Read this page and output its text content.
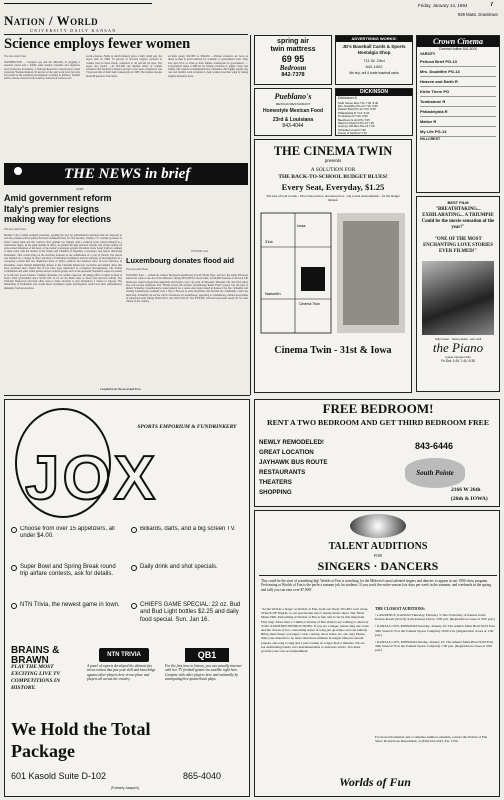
Nation / World
UNIVERSITY DAILY KANSAN
Friday, January 14, 1994	7
Science employs fewer women
The Associated Press
WASHINGTON — Unequal pay and the difficulty of juggling a research career and a family push women scientists and engineers away from jobs in industry, a National Research Council report stated yesterday. Women make up 45 percent of the total work force but only 22 percent of the scientists and engineers working in industry. Women tend to choose careers in life sciences, behavioral sciences and
social sciences. Fields in which industry plays a fairly small part, the report said. In 1989, 70 percent of doctoral degrees awarded to women were in those fields, compared to 46 percent for men. The report also found: —At $51,900, the median salary of women scientists with bachelor's degrees and up to four years' experience was 74 percent that of their male counterparts in 1989. The median income made 88 percent of the medi-
an male salary, $52,000 vs. $59,000. —Female scientists are twice as likely as men to leave industry for academic or government work. They also quit twice as often as their female counterparts in government. —Corporations make it difficult for female scientists to juggle career and family. The council recommended that companies offer higher quality day care and flexible work schedules to help women lose their edge by taking lengthy maternity leave.
THE NEWS in brief
ROME
Amid government reform Italy's premier resigns making way for elections
The Associated Press
Premier Carlo Ciampi resigned yesterday, opening the way for parliamentary elections that are expected to oust the scandal-scarred parties that have dominated Italy for five decades. Ciampi, 73, a former governor of Italy's central bank and the country's first premier not aligned with a political party, turned himself in a transitional figure. In his eight months in office, he pushed through electoral reforms and started selling off state-owned industries at the heart of the nation's patronage system. President Oscar Luigi Scalfaro planned to meet today with the leaders of the Senate and Chamber of Deputies, a necessary step before dissolving Parliament. That would bring on the elections foreseen as the culmination of a year of reform. The period was marked by a change in direct elections of individual lawmakers and the reducing of investigations in a corruption scandal that has implicated most of Italy's political and business elite. In local elections in December, voters handed humiliating defeats to the Christian Democrats, Socialists and smaller allies that have governed since World War II but have been implicated in corruption investigations. The former Communists and other leftist parties and pro-reform groups such as the separatist Northern League are poised to be the new power brokers. Ciampi's departure was widely expected. On taking office in April as head of Italy's 52nd government since World War II, he set his main tasks as fiscal and electoral reform. The Christian Democrats and their allies want to delay elections to give themselves a chance to regroup. The disbanding of Parliament also would mean lawmakers under investigation would lose their parliamentary immunity from prosecution.
ELWOOD, Kan.
Luxembourg donates flood aid
The Associated Press
ELWOOD, Kan. — American soldiers liberated Luxembourg in both World Wars, and now the small European nation has come to the aid of the Midwest, raising $370,000 for flood relief. A $10,000 donation to Elwood will mean new school playground equipment and maybe a new city park. In Missouri, Missouri City and West Alton also will receive donations. The "Hands Across the Atlantic Luxembourg Relief Fund" project was the idea of Robert Schaeffer, Luxembourg's consul general for a seven-state region based in Kansas City, Mo. Schaeffer and visiting Luxembourg residents took a trip to Elwood in early December and decided the community could use their help. Schaeffer put out the call for donations in Luxembourg, appealing to Luxembourg cultural association of Americans help during World War I and World War II. The $370,000 collected represents nearly $1 for each citizen of the country.
Compiled from The Associated Press.
spring air
twin mattress
69 95
Bedroom
842-7378
ADVERTISING WORKS!
JD's Baseball Cards & Sports Nostalgia Shop
711 W. 23rd
842-1002
We buy, sell & trade baseball cards
Pueblano's
MEXICAN RESTAURANT
Homestyle Mexican Food
23rd & Louisiana
843-4044
DICKINSON
Dickinson 6
Sixth Sense Mon-Thu 7:30, 9:40
Mrs. Doubtfire PG-13 7:15, 9:35
Pelican Brief PG-13 7:00, 9:45
Philadelphia R 7:10, 9:40
Tombstone R 7:20, 9:50
Beethoven's 2nd PG 7:05
Wayne's World 2 PG-13 7:25
Grumpy Old Men PG-13 7:00
Schindler's List R 7:30
House of Spirits R 7:15
939 Mass. Downtown
Crown Cinema
Cinema Hotline 841-5000
VARSITY
Pelican Brief PG-13
Mrs. Doubtfire PG-13
Heaven and Earth R
Kirlin There PG
Tombstone R
Philadelphia R
Malice R
My Life PG-13
HILLCREST
BEST FILM
"BREATHTAKING... EXHILARATING... A TRIUMPH! Could be the movie sensation of the year!"
"ONE OF THE MOST ENCHANTING LOVE STORIES EVER FILMED!"
holly hunter · harvey keitel · sam neill
the Piano
a jane campion film
Fri-Sat: 1:45, 7:40, 9:35
THE CINEMA TWIN
presents
A SOLUTION FOR
THE BACK-TO-SCHOOL BUDGET BLUES!
Every Seat, Everyday, $1.25
The best of both worlds... First Class service, discount prices... big screen entertainment... for the budget minded.
31st
Iowa
Naismith
Cinema Twin
Cinema Twin - 31st & Iowa
JOX
SPORTS EMPORIUM & FUNDRINKERY
Choose from over 15 appetizers, all under $4.00.
Billiards, darts, and a big screen TV.
Super Bowl and Spring Break round trip airfare contests, ask for details.
Daily drink and shot specials.
NTN Trivia, the newest game in town.	CHIEFS GAME SPECIAL: 22 oz. Bud and Bud Light bottles $2.25 and daily food special. Sun. Jan 16.
BRAINS & BRAWN
PLAY THE MOST EXCITING LIVE TV COMPETITIONS IN HISTORY.
NTN TRIVIA
A panel of experts developed the ultimate fun trivia contest that pits your skill and knowledge against other players here in our place and players all across the country.
QB1
For the first time in history, you can actually interact with live TV football games via satellite right here. Compete with other players here and nationally by anticipating live quarterback plays.
We Hold the Total Package
601 Kasold Suite D-102	865-4040
(Formerly Jacque's)
FREE BEDROOM!
RENT A TWO BEDROOM AND GET THIRD BEDROOM FREE
NEWLY REMODELED!
GREAT LOCATION
JAYHAWK BUS ROUTE
RESTAURANTS
THEATERS
SHOPPING
843-6446
South Pointe
2166 W 26th
(26th & IOWA)
TALENT AUDITIONS
FOR
SINGERS · DANCERS
This could be the start of something big! Worlds of Fun is searching for the Midwest's most talented singers and dancers to appear in our 1994 show program. Performing at Worlds of Fun is the perfect summer job for students. If you work the entire season (six days per week in the summer, and weekends in the spring and fall) you can earn over $7,000!
"At the Worlds o Stage" at Worlds of Fun, from our lively 50's-60's rock revue, STAGE OF WALK, to our spectacular new Country music show, The Trivet Music Hall. Performing at Worlds of Fun is fun, and it can be that important First Step. More than 1.5 million Worlds of Fun visitors are waiting to discover YOU! AUDITION INSTRUCTIONS: If you are a singer, please sing one verse and the chorus of two contrasting styles of song (an up-tempo and one ballad). Bring sheet music you enjoy: rock, country, show tunes, etc. (no rap). Please limit your material to no more than three minutes in length. Dancers should prepare one song to sing and a jazz routine no longer than 2 minutes. We are not auditioning bands, solo instrumentalists or dance/tie artists. You must provide your own accompaniment.
THE CLOSEST AUDITIONS:
• LAWRENCE, KANSAS Thursday, February 3: The University of Kansas in the Kansas Room (level 6) at the Kansas Union. 3:00 p.m. (Registration closes at 5:00 p.m.)
• KANSAS CITY, MISSOURI Saturday, January 22: The Adam's Mark Hotel 9103 East 39th Street 0:70 at the Truman Sports Complex) 10:00 a.m. (Registration closes at 1:00 p.m.)
• KANSAS CITY, MISSOURI Sunday, January 23: The Adam's Mark Hotel 9103 East 39th Street 0:70 at the Truman Sports Complex) 1:00 p.m. (Registration closes at 2:00 p.m.)
For more information and a complete audition schedule, contact the Worlds of Fun Show Productions Department, at (816) 454-4545, Ext. 1350.
Worlds of Fun
